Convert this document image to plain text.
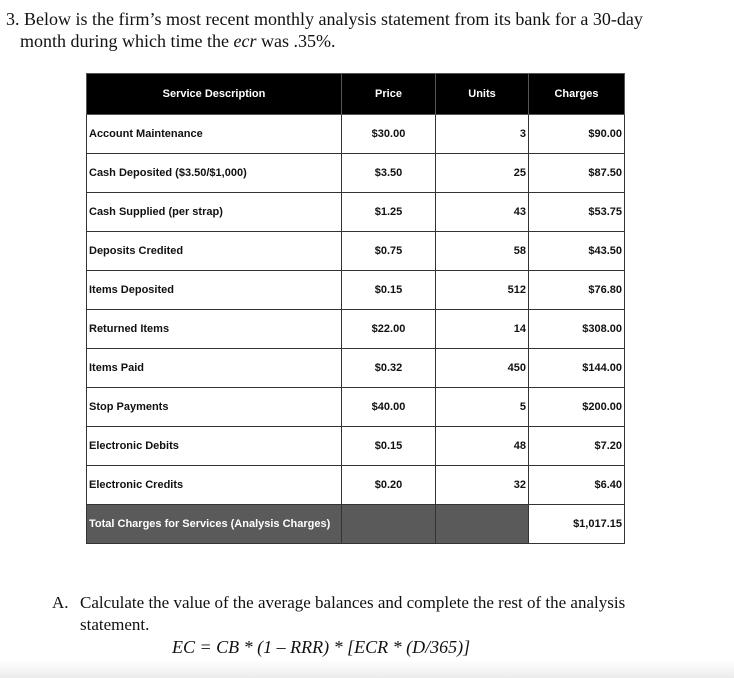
3. Below is the firm’s most recent monthly analysis statement from its bank for a 30-day
month during which time the ecr was .35%.
Service Description	Price	Units	Charges
Account Maintenance	$30.00	3	$90.00
Cash Deposited ($3.50/$1,000)	$3.50	25	$87.50
Cash Supplied (per strap)	$1.25	43	$53.75
Deposits Credited	$0.75	58	$43.50
Items Deposited	$0.15	512	$76.80
Returned Items	$22.00	14	$308.00
Items Paid	$0.32	450	$144.00
Stop Payments	$40.00	5	$200.00
Electronic Debits	$0.15	48	$7.20
Electronic Credits	$0.20	32	$6.40
Total Charges for Services (Analysis Charges)			$1,017.15
A. Calculate the value of the average balances and complete the rest of the analysis
statement.
EC = CB * (1 – RRR) * [ECR * (D/365)]
